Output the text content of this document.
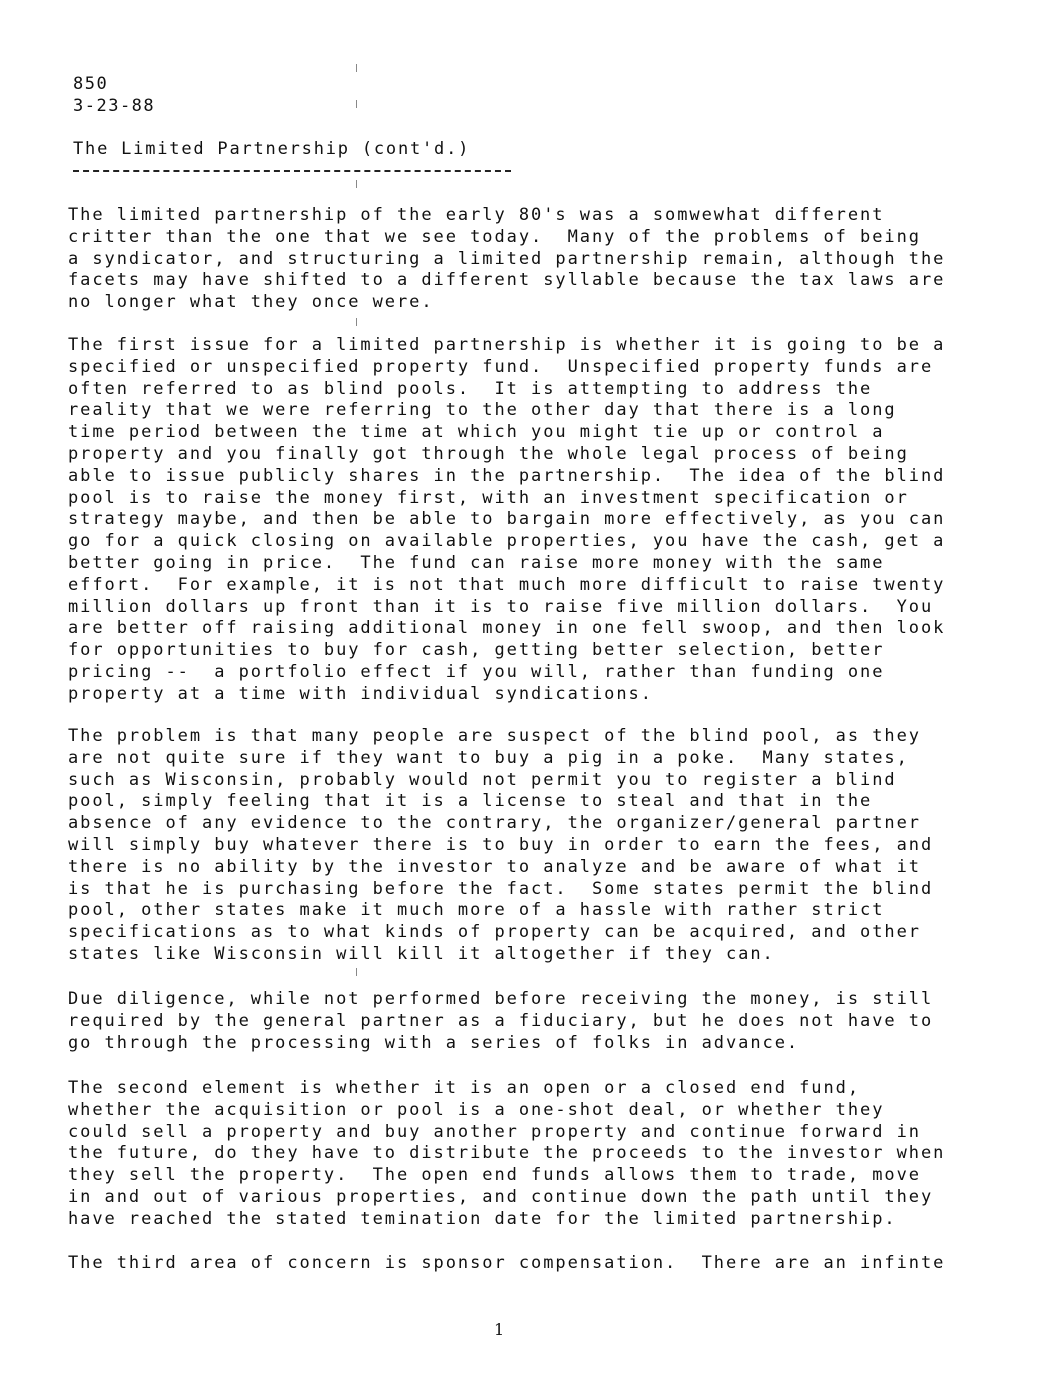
850
3-23-88
The Limited Partnership (cont'd.)
The limited partnership of the early 80's was a somwewhat different
critter than the one that we see today.  Many of the problems of being
a syndicator, and structuring a limited partnership remain, although the
facets may have shifted to a different syllable because the tax laws are
no longer what they once were.
The first issue for a limited partnership is whether it is going to be a
specified or unspecified property fund.  Unspecified property funds are
often referred to as blind pools.  It is attempting to address the
reality that we were referring to the other day that there is a long
time period between the time at which you might tie up or control a
property and you finally got through the whole legal process of being
able to issue publicly shares in the partnership.  The idea of the blind
pool is to raise the money first, with an investment specification or
strategy maybe, and then be able to bargain more effectively, as you can
go for a quick closing on available properties, you have the cash, get a
better going in price.  The fund can raise more money with the same
effort.  For example, it is not that much more difficult to raise twenty
million dollars up front than it is to raise five million dollars.  You
are better off raising additional money in one fell swoop, and then look
for opportunities to buy for cash, getting better selection, better
pricing --  a portfolio effect if you will, rather than funding one
property at a time with individual syndications.
The problem is that many people are suspect of the blind pool, as they
are not quite sure if they want to buy a pig in a poke.  Many states,
such as Wisconsin, probably would not permit you to register a blind
pool, simply feeling that it is a license to steal and that in the
absence of any evidence to the contrary, the organizer/general partner
will simply buy whatever there is to buy in order to earn the fees, and
there is no ability by the investor to analyze and be aware of what it
is that he is purchasing before the fact.  Some states permit the blind
pool, other states make it much more of a hassle with rather strict
specifications as to what kinds of property can be acquired, and other
states like Wisconsin will kill it altogether if they can.
Due diligence, while not performed before receiving the money, is still
required by the general partner as a fiduciary, but he does not have to
go through the processing with a series of folks in advance.
The second element is whether it is an open or a closed end fund,
whether the acquisition or pool is a one-shot deal, or whether they
could sell a property and buy another property and continue forward in
the future, do they have to distribute the proceeds to the investor when
they sell the property.  The open end funds allows them to trade, move
in and out of various properties, and continue down the path until they
have reached the stated temination date for the limited partnership.
The third area of concern is sponsor compensation.  There are an infinte
1
